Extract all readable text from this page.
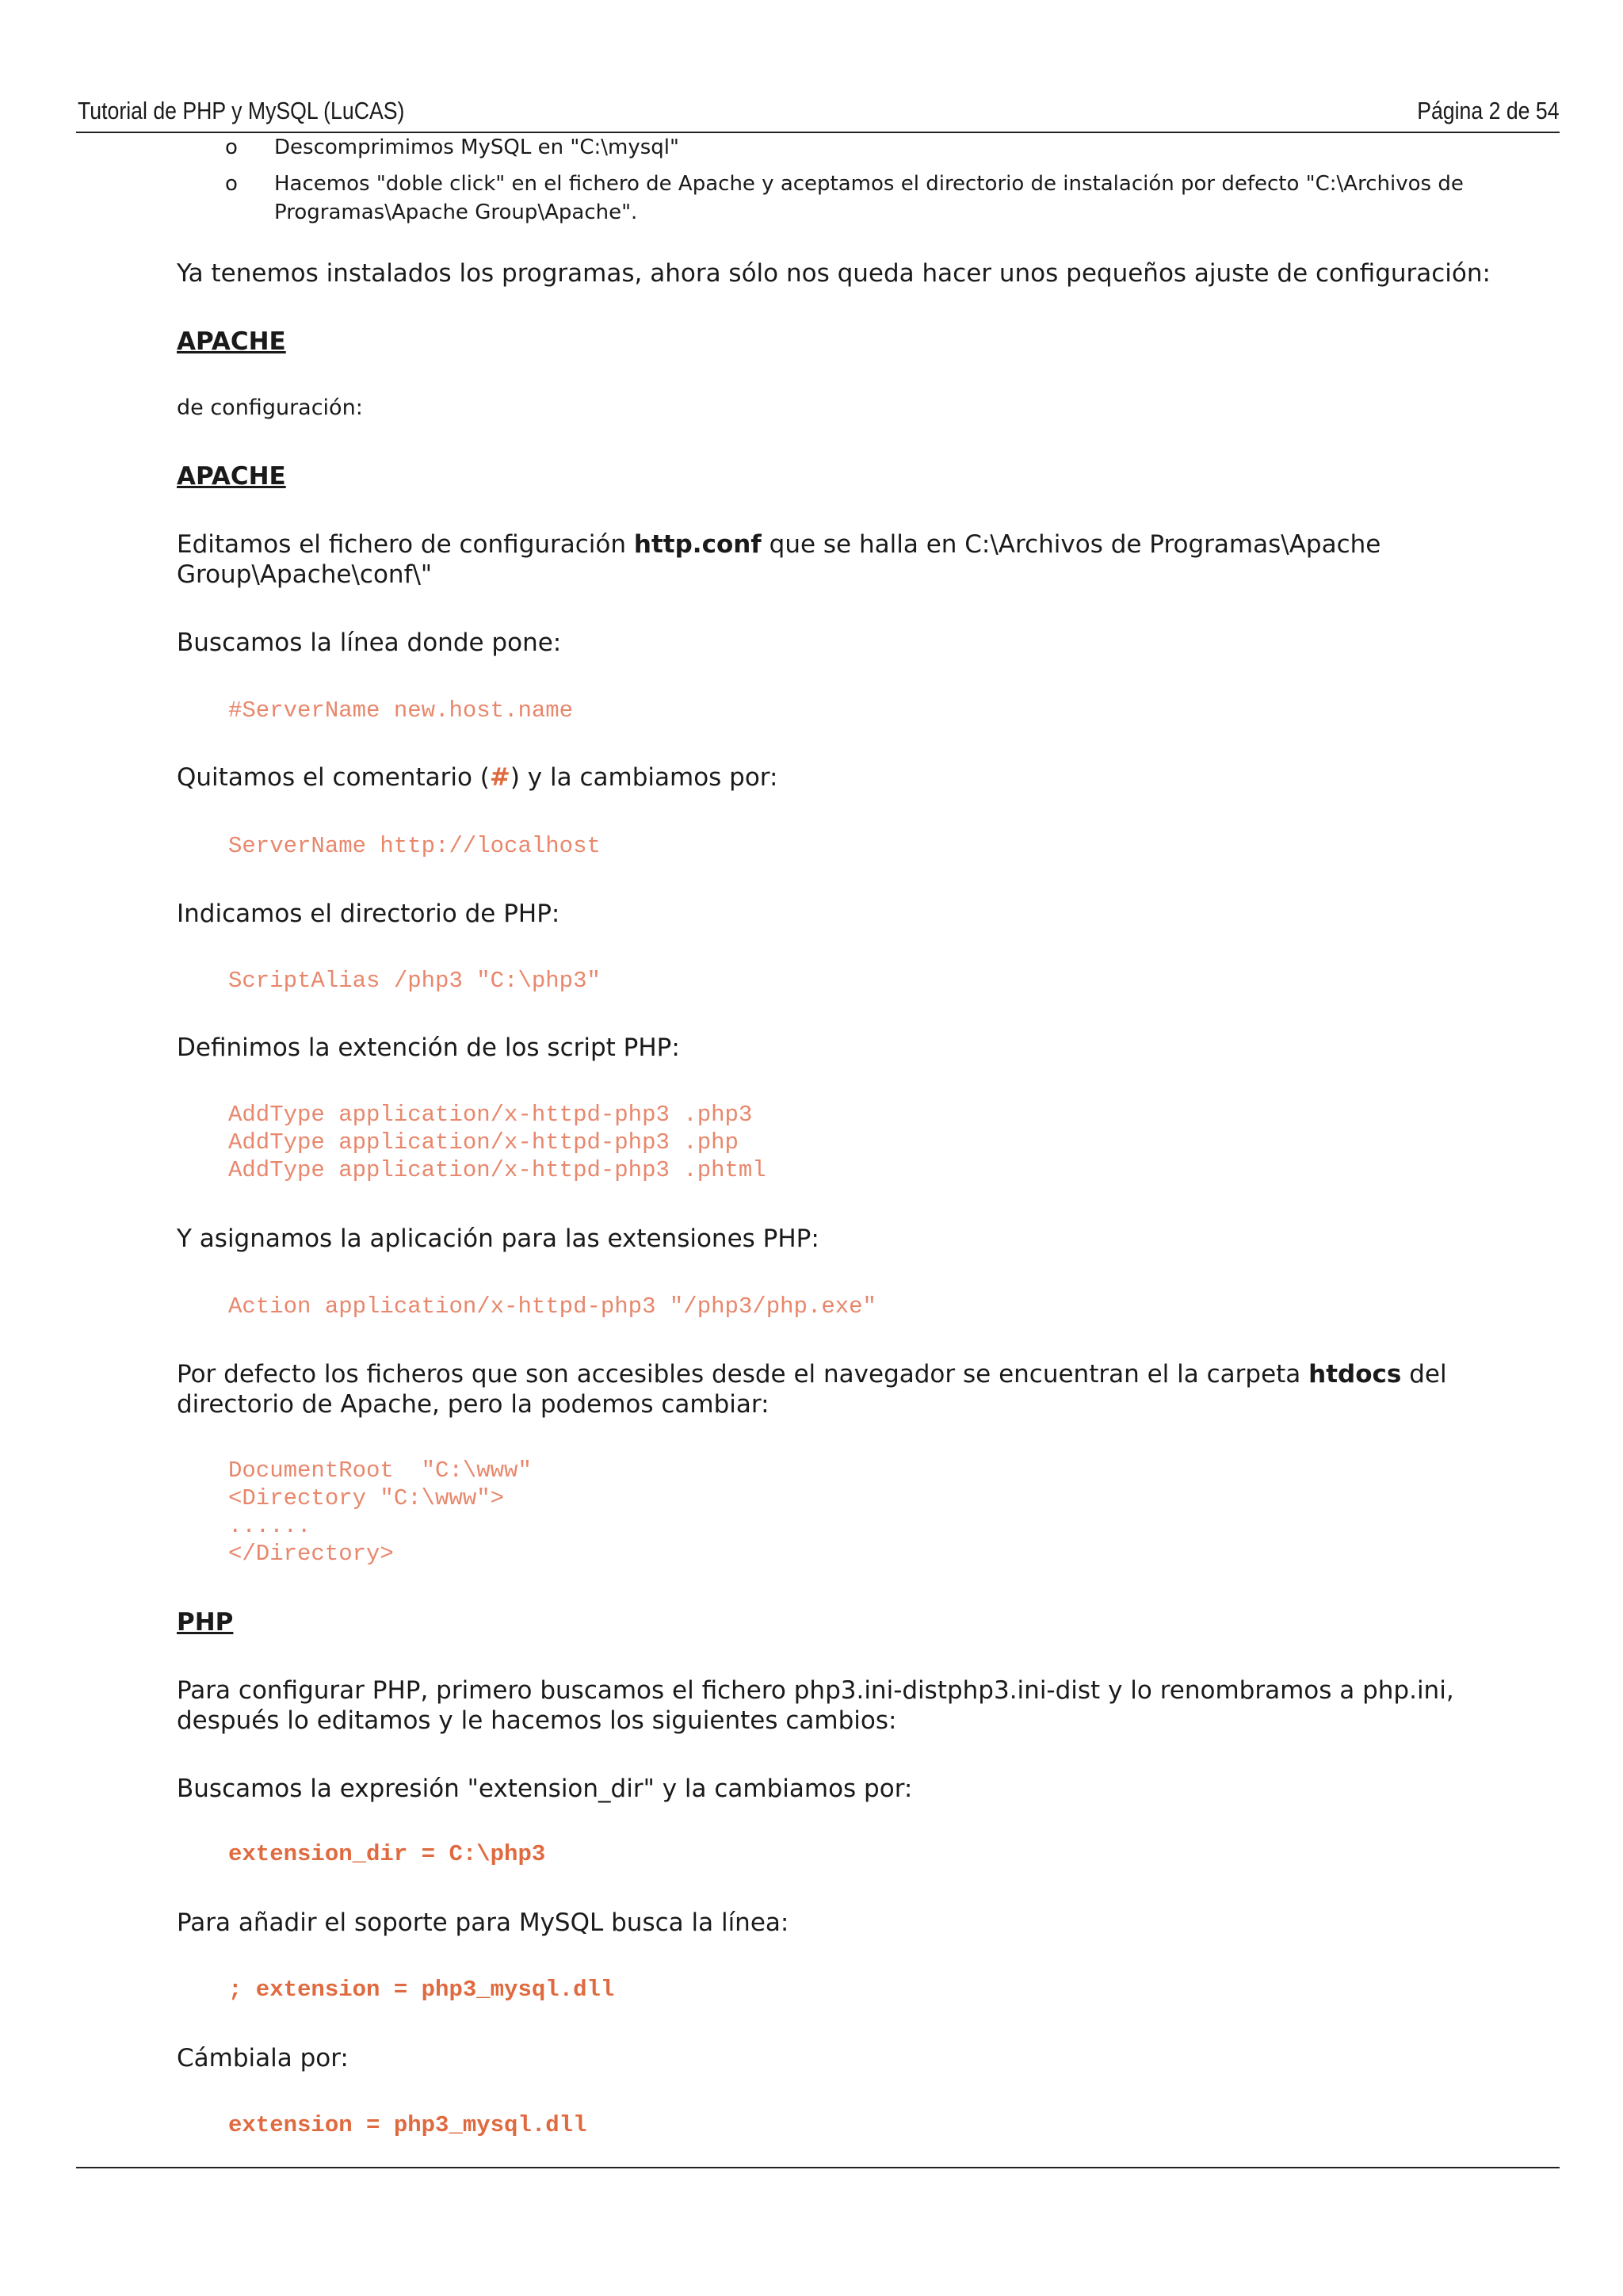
Tutorial de PHP y MySQL (LuCAS)	Página 2 de 54
o Descomprimimos MySQL en "C:\mysql"
o Hacemos "doble click" en el fichero de Apache y aceptamos el directorio de instalación por defecto "C:\Archivos de Programas\Apache Group\Apache".

Ya tenemos instalados los programas, ahora sólo nos queda hacer unos pequeños ajuste de configuración:

APACHE

de configuración:

APACHE

Editamos el fichero de configuración http.conf que se halla en C:\Archivos de Programas\Apache Group\Apache\conf\"

Buscamos la línea donde pone:

#ServerName new.host.name

Quitamos el comentario (#) y la cambiamos por:

ServerName http://localhost

Indicamos el directorio de PHP:

ScriptAlias /php3 "C:\php3"

Definimos la extención de los script PHP:

AddType application/x-httpd-php3 .php3

AddType application/x-httpd-php3 .php

AddType application/x-httpd-php3 .phtml

Y asignamos la aplicación para las extensiones PHP:

Action application/x-httpd-php3 "/php3/php.exe"

Por defecto los ficheros que son accesibles desde el navegador se encuentran el la carpeta htdocs del directorio de Apache, pero la podemos cambiar:

DocumentRoot  "C:\www"

<Directory "C:\www">

......

</Directory>

PHP

Para configurar PHP, primero buscamos el fichero php3.ini-distphp3.ini-dist y lo renombramos a php.ini, después lo editamos y le hacemos los siguientes cambios:

Buscamos la expresión "extension_dir" y la cambiamos por:

extension_dir = C:\php3

Para añadir el soporte para MySQL busca la línea:

; extension = php3_mysql.dll

Cámbiala por:

extension = php3_mysql.dll
